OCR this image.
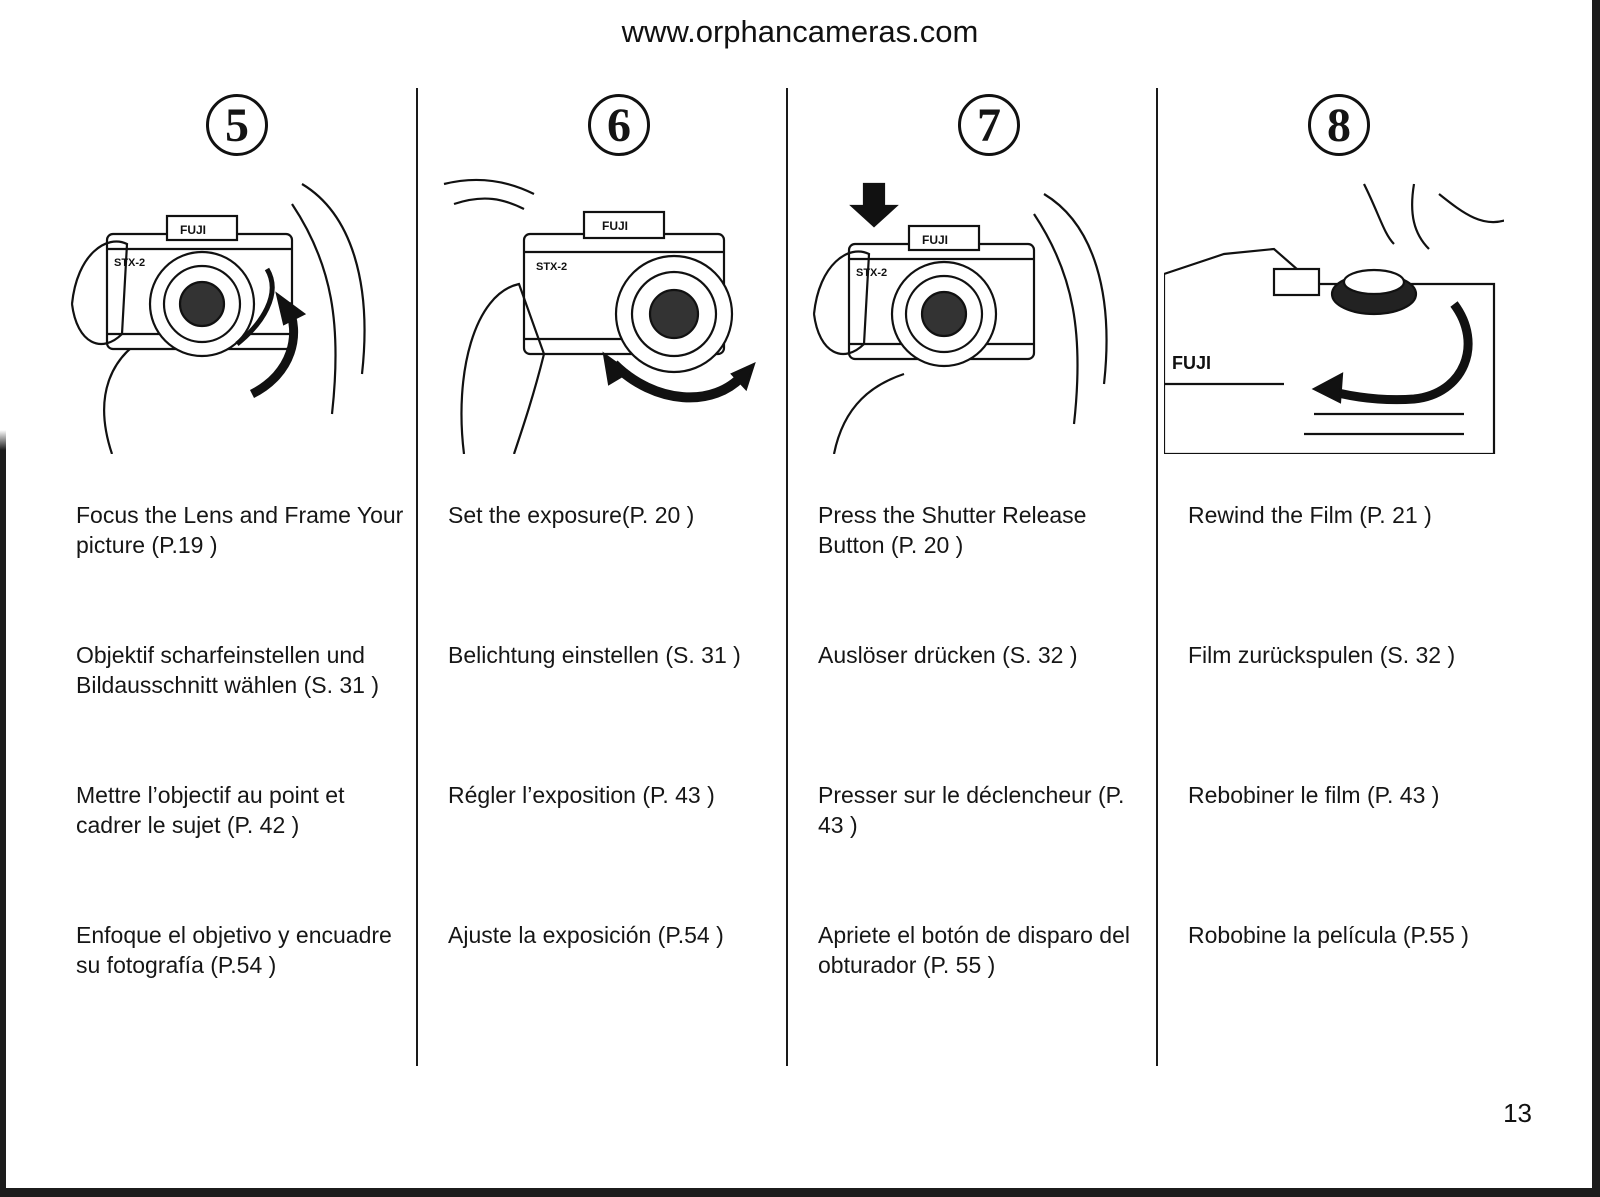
www.orphancameras.com
5
FUJI
STX-2

Focus the Lens and Frame Your picture (P.19 )

Objektif scharfeinstellen und Bildausschnitt wählen (S. 31 )

Mettre l’objectif au point et cadrer le sujet (P. 42 )

Enfoque el objetivo y encuadre su fotografía (P.54 )

6
FUJI
STX-2

Set the exposure(P. 20 )

Belichtung einstellen (S. 31 )

Régler l’exposition (P. 43 )

Ajuste la exposición (P.54 )

7
FUJI
STX-2

Press the Shutter Release Button (P. 20 )

Auslöser drücken (S. 32 )

Presser sur le déclencheur (P. 43 )

Apriete el botón de disparo del obturador (P. 55 )

8
FUJI

Rewind the Film (P. 21 )

Film zurückspulen (S. 32 )

Rebobiner le film (P. 43 )

Robobine la película (P.55 )

13
